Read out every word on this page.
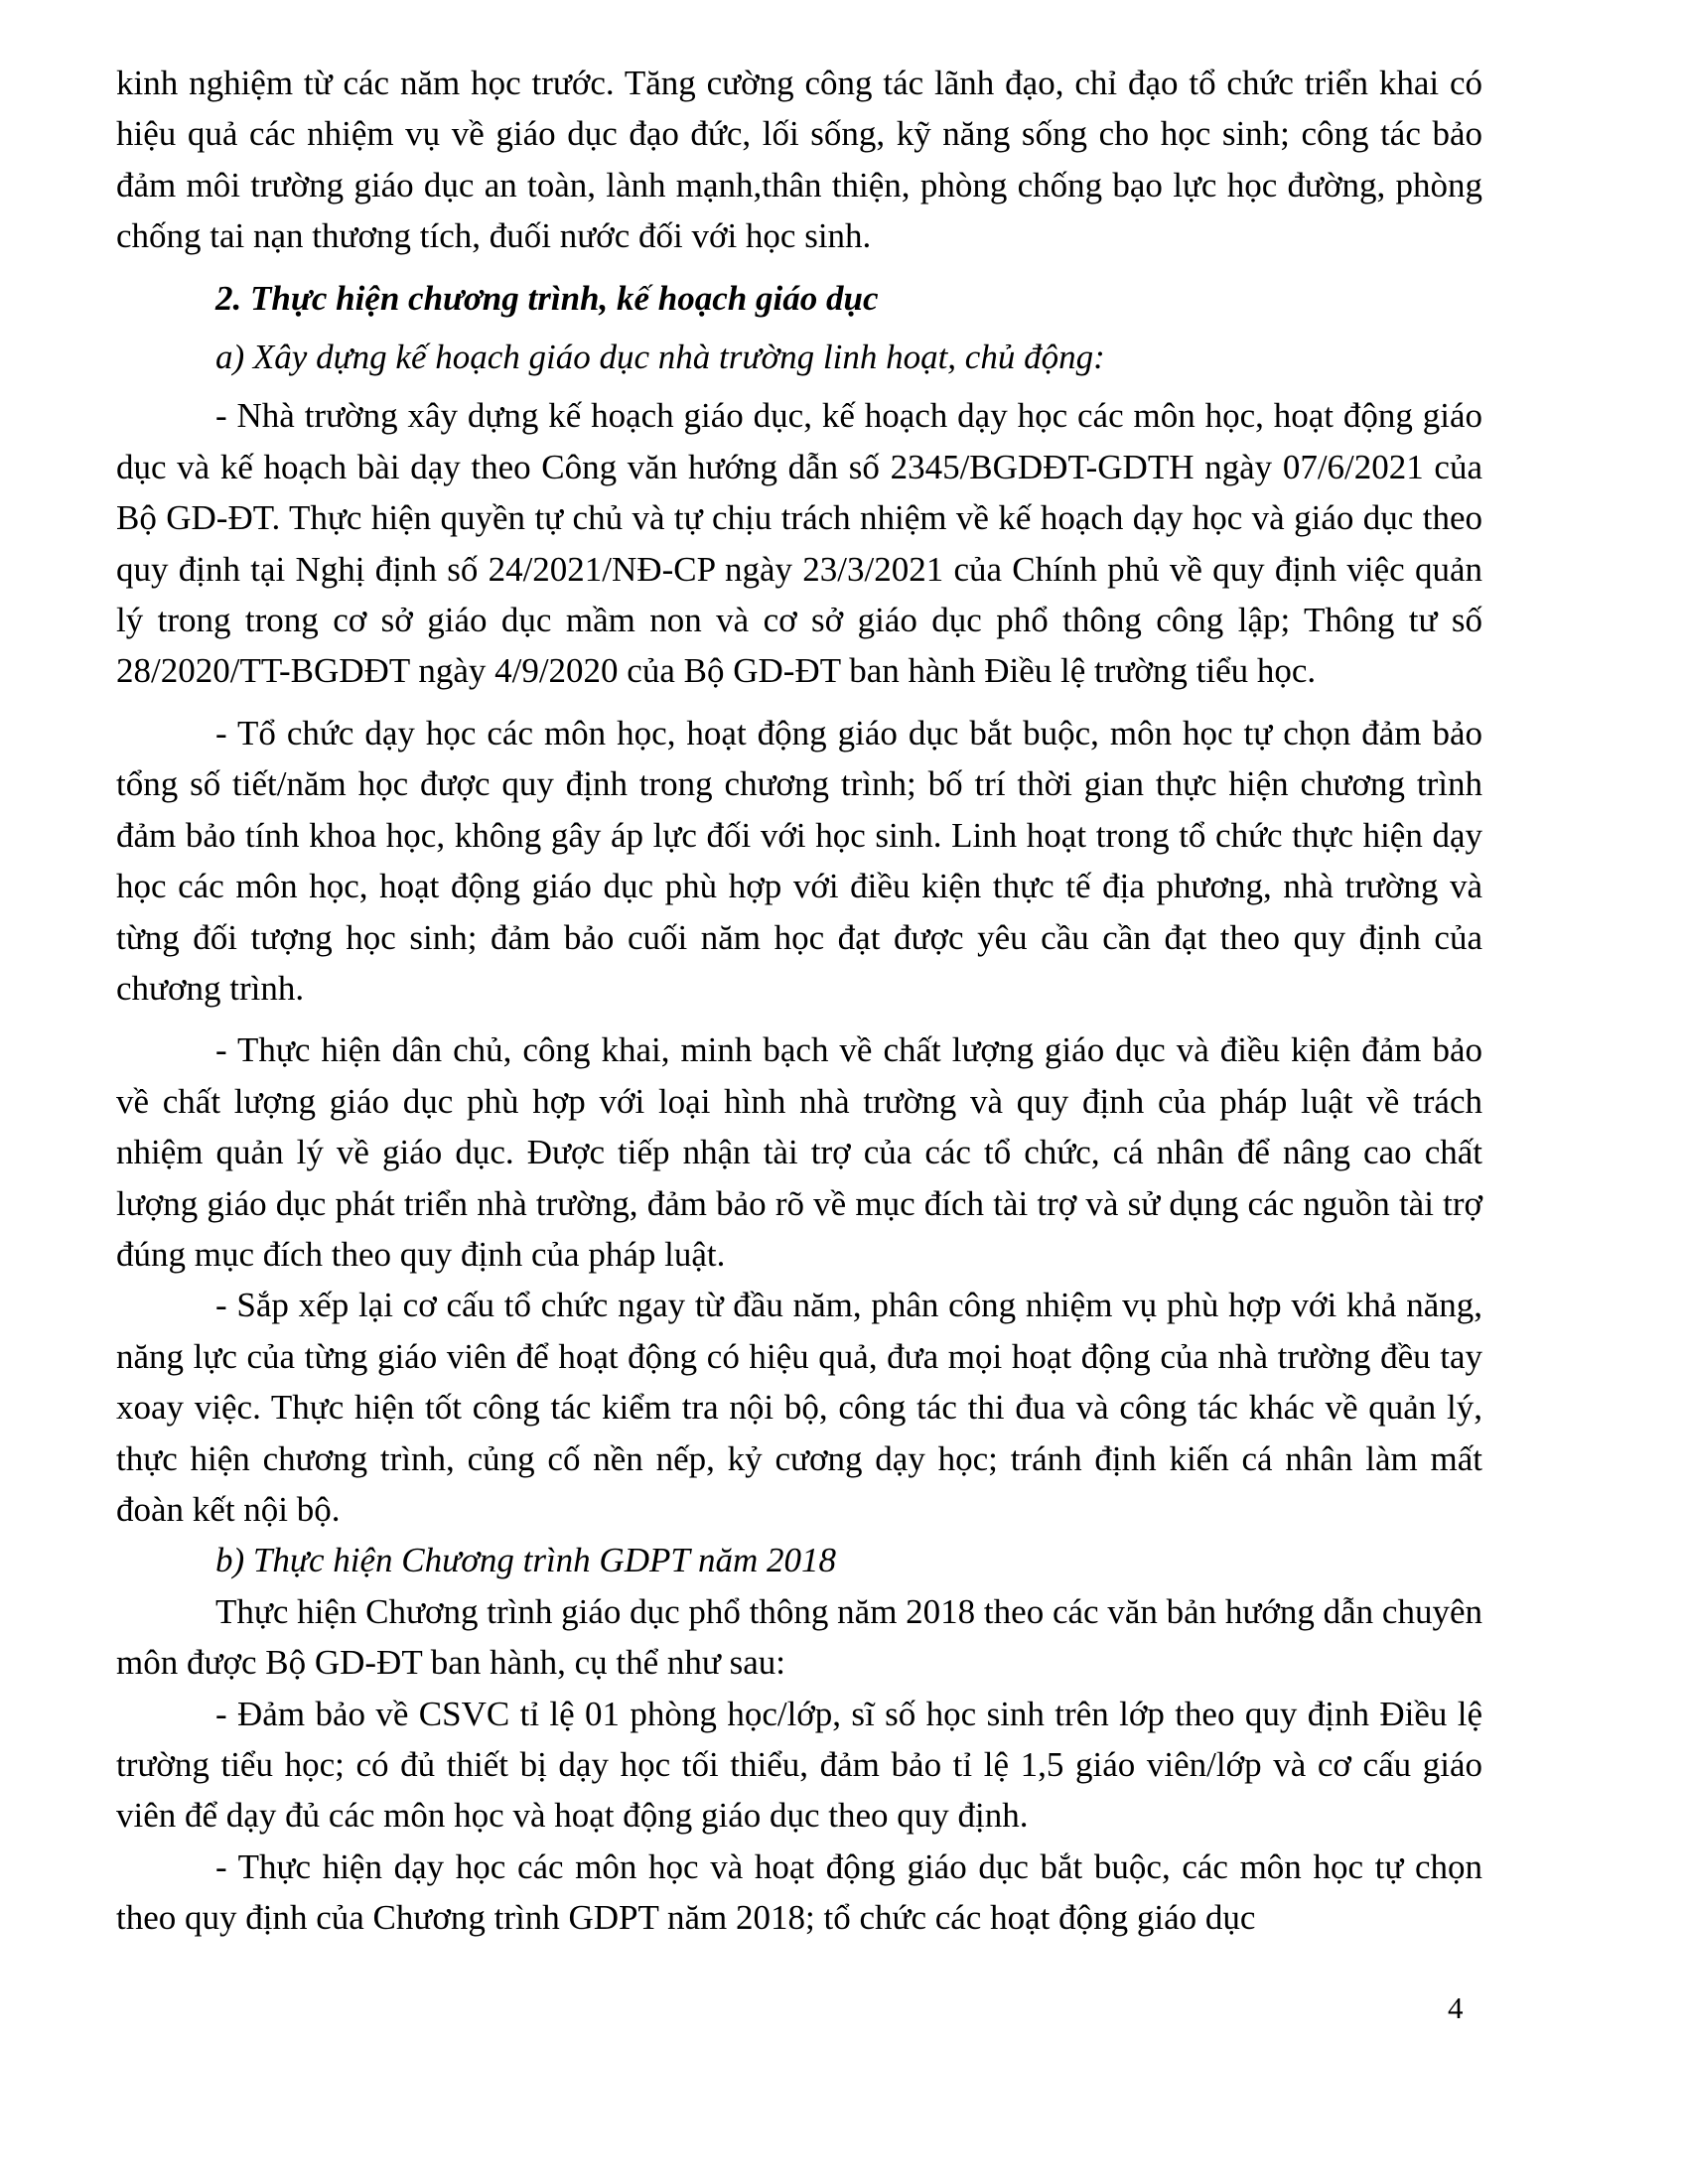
kinh nghiệm từ các năm học trước. Tăng cường công tác lãnh đạo, chỉ đạo tổ chức triển khai có hiệu quả các nhiệm vụ về giáo dục đạo đức, lối sống, kỹ năng sống cho học sinh; công tác bảo đảm môi trường giáo dục an toàn, lành mạnh,thân thiện, phòng chống bạo lực học đường, phòng chống tai nạn thương tích, đuối nước đối với học sinh.

2. Thực hiện chương trình, kế hoạch giáo dục

a) Xây dựng kế hoạch giáo dục nhà trường linh hoạt, chủ động:

- Nhà trường xây dựng kế hoạch giáo dục, kế hoạch dạy học các môn học, hoạt động giáo dục và kế hoạch bài dạy theo Công văn hướng dẫn số 2345/BGDĐT-GDTH ngày 07/6/2021 của Bộ GD-ĐT. Thực hiện quyền tự chủ và tự chịu trách nhiệm về kế hoạch dạy học và giáo dục theo quy định tại Nghị định số 24/2021/NĐ-CP ngày 23/3/2021 của Chính phủ về quy định việc quản lý trong trong cơ sở giáo dục mầm non và cơ sở giáo dục phổ thông công lập; Thông tư số 28/2020/TT-BGDĐT ngày 4/9/2020 của Bộ GD-ĐT ban hành Điều lệ trường tiểu học.

- Tổ chức dạy học các môn học, hoạt động giáo dục bắt buộc, môn học tự chọn đảm bảo tổng số tiết/năm học được quy định trong chương trình; bố trí thời gian thực hiện chương trình đảm bảo tính khoa học, không gây áp lực đối với học sinh. Linh hoạt trong tổ chức thực hiện dạy học các môn học, hoạt động giáo dục phù hợp với điều kiện thực tế địa phương, nhà trường và từng đối tượng học sinh; đảm bảo cuối năm học đạt được yêu cầu cần đạt theo quy định của chương trình.

- Thực hiện dân chủ, công khai, minh bạch về chất lượng giáo dục và điều kiện đảm bảo về chất lượng giáo dục phù hợp với loại hình nhà trường và quy định của pháp luật về trách nhiệm quản lý về giáo dục. Được tiếp nhận tài trợ của các tổ chức, cá nhân để nâng cao chất lượng giáo dục phát triển nhà trường, đảm bảo rõ về mục đích tài trợ và sử dụng các nguồn tài trợ đúng mục đích theo quy định của pháp luật.

- Sắp xếp lại cơ cấu tổ chức ngay từ đầu năm, phân công nhiệm vụ phù hợp với khả năng, năng lực của từng giáo viên để hoạt động có hiệu quả, đưa mọi hoạt động của nhà trường đều tay xoay việc. Thực hiện tốt công tác kiểm tra nội bộ, công tác thi đua và công tác khác về quản lý, thực hiện chương trình, củng cố nền nếp, kỷ cương dạy học; tránh định kiến cá nhân làm mất đoàn kết nội bộ.

b) Thực hiện Chương trình GDPT năm 2018

Thực hiện Chương trình giáo dục phổ thông năm 2018 theo các văn bản hướng dẫn chuyên môn được Bộ GD-ĐT ban hành, cụ thể như sau:

- Đảm bảo về CSVC tỉ lệ 01 phòng học/lớp, sĩ số học sinh trên lớp theo quy định Điều lệ trường tiểu học; có đủ thiết bị dạy học tối thiểu, đảm bảo tỉ lệ 1,5 giáo viên/lớp và cơ cấu giáo viên để dạy đủ các môn học và hoạt động giáo dục theo quy định.

- Thực hiện dạy học các môn học và hoạt động giáo dục bắt buộc, các môn học tự chọn theo quy định của Chương trình GDPT năm 2018; tổ chức các hoạt động giáo dục

4
